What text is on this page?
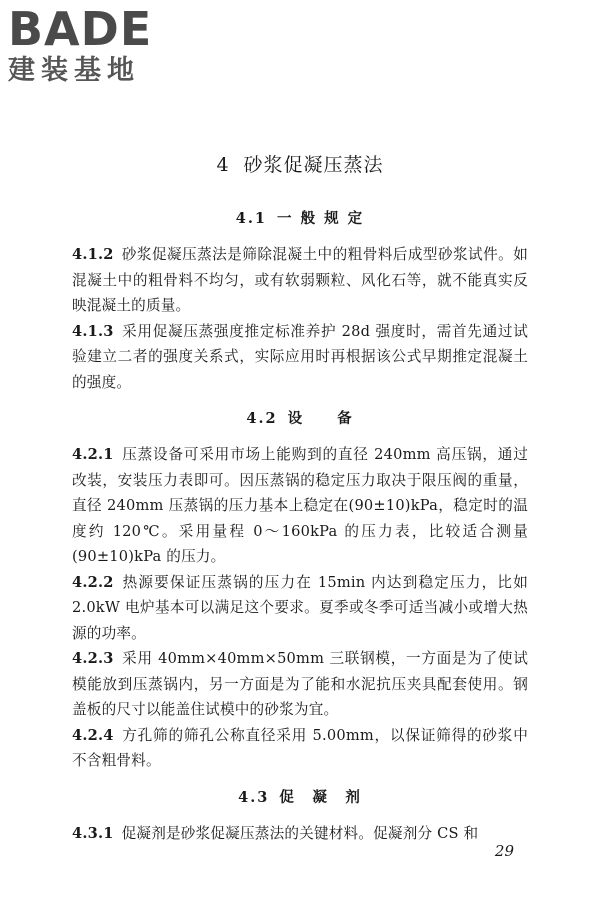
BADE
建装基地
4 砂浆促凝压蒸法
4.1 一 般 规 定

4.1.2 砂浆促凝压蒸法是筛除混凝土中的粗骨料后成型砂浆试件。如混凝土中的粗骨料不均匀，或有软弱颗粒、风化石等，就不能真实反映混凝土的质量。

4.1.3 采用促凝压蒸强度推定标准养护 28d 强度时，需首先通过试验建立二者的强度关系式，实际应用时再根据该公式早期推定混凝土的强度。

4.2 设　　备

4.2.1 压蒸设备可采用市场上能购到的直径 240mm 高压锅，通过改装，安装压力表即可。因压蒸锅的稳定压力取决于限压阀的重量，直径 240mm 压蒸锅的压力基本上稳定在(90±10)kPa，稳定时的温度约 120℃。采用量程 0～160kPa 的压力表，比较适合测量(90±10)kPa 的压力。

4.2.2 热源要保证压蒸锅的压力在 15min 内达到稳定压力，比如 2.0kW 电炉基本可以满足这个要求。夏季或冬季可适当减小或增大热源的功率。

4.2.3 采用 40mm×40mm×50mm 三联钢模，一方面是为了使试模能放到压蒸锅内，另一方面是为了能和水泥抗压夹具配套使用。钢盖板的尺寸以能盖住试模中的砂浆为宜。

4.2.4 方孔筛的筛孔公称直径采用 5.00mm，以保证筛得的砂浆中不含粗骨料。

4.3 促　凝　剂

4.3.1 促凝剂是砂浆促凝压蒸法的关键材料。促凝剂分 CS 和

29
